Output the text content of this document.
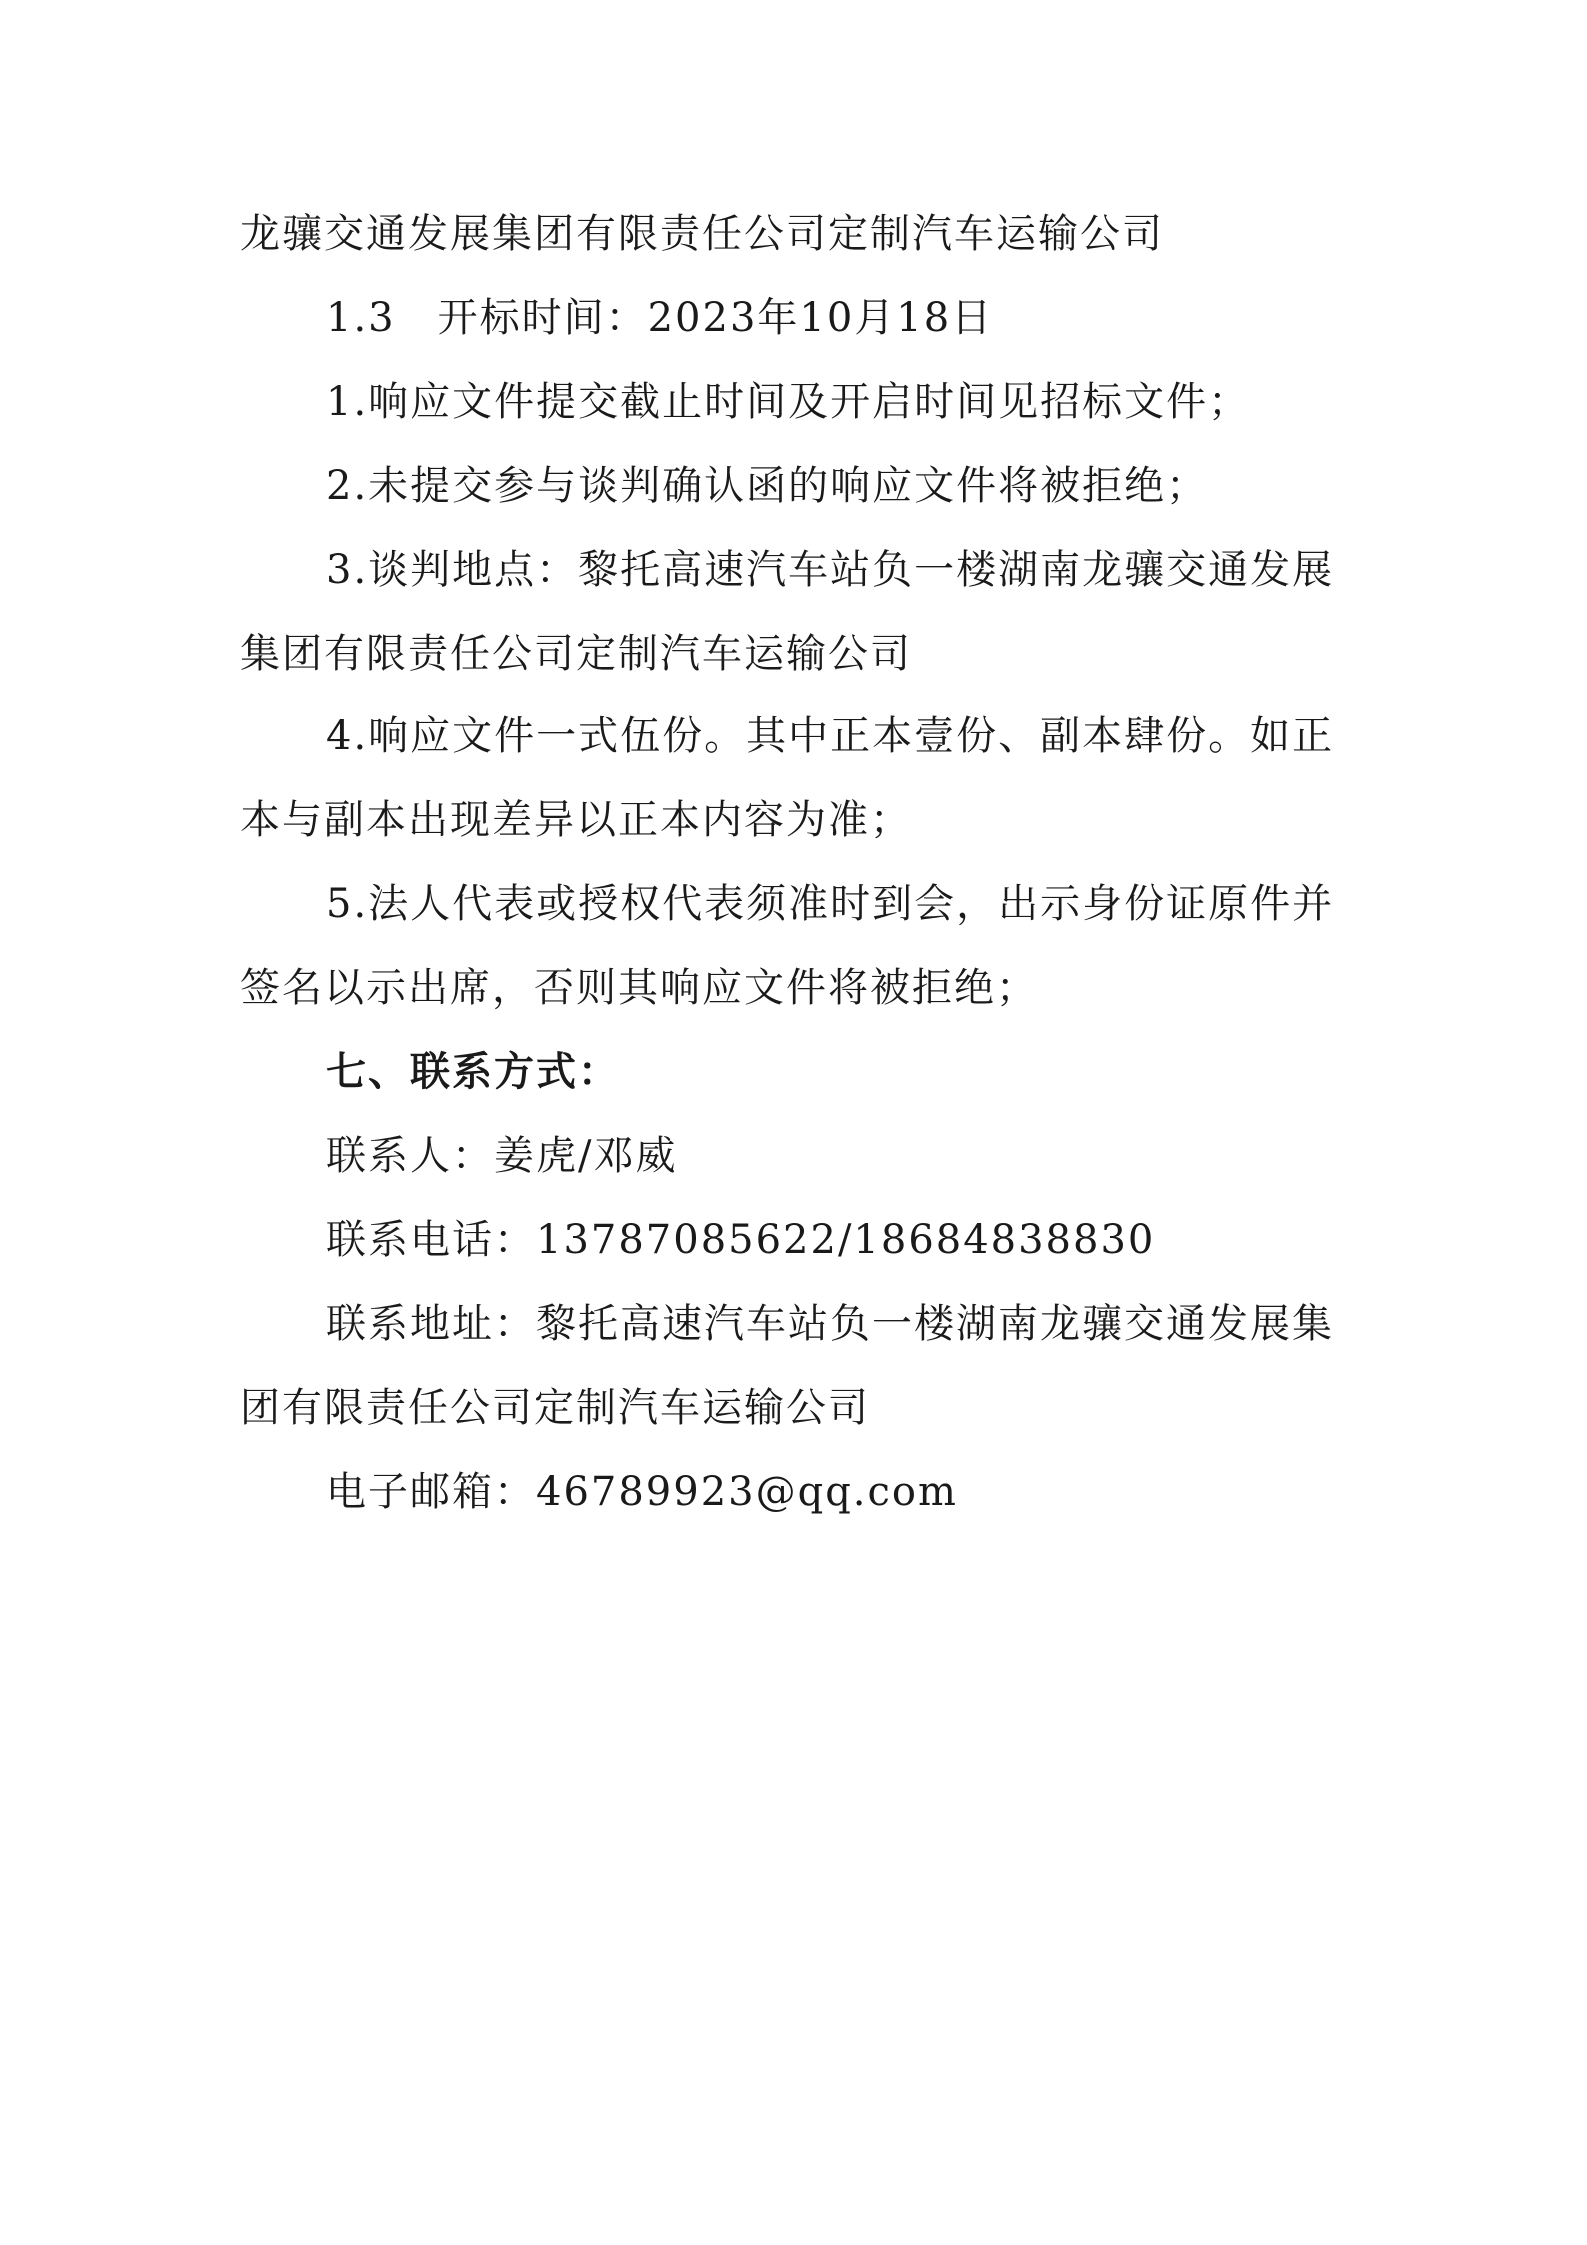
龙骧交通发展集团有限责任公司定制汽车运输公司
1.3　开标时间：2023年10月18日
1.响应文件提交截止时间及开启时间见招标文件；
2.未提交参与谈判确认函的响应文件将被拒绝；
3.谈判地点：黎托高速汽车站负一楼湖南龙骧交通发展
集团有限责任公司定制汽车运输公司
4.响应文件一式伍份。其中正本壹份、副本肆份。如正
本与副本出现差异以正本内容为准；
5.法人代表或授权代表须准时到会，出示身份证原件并
签名以示出席，否则其响应文件将被拒绝；
七、联系方式：
联系人：姜虎/邓威
联系电话：13787085622/18684838830
联系地址：黎托高速汽车站负一楼湖南龙骧交通发展集
团有限责任公司定制汽车运输公司
电子邮箱：46789923@qq.com
